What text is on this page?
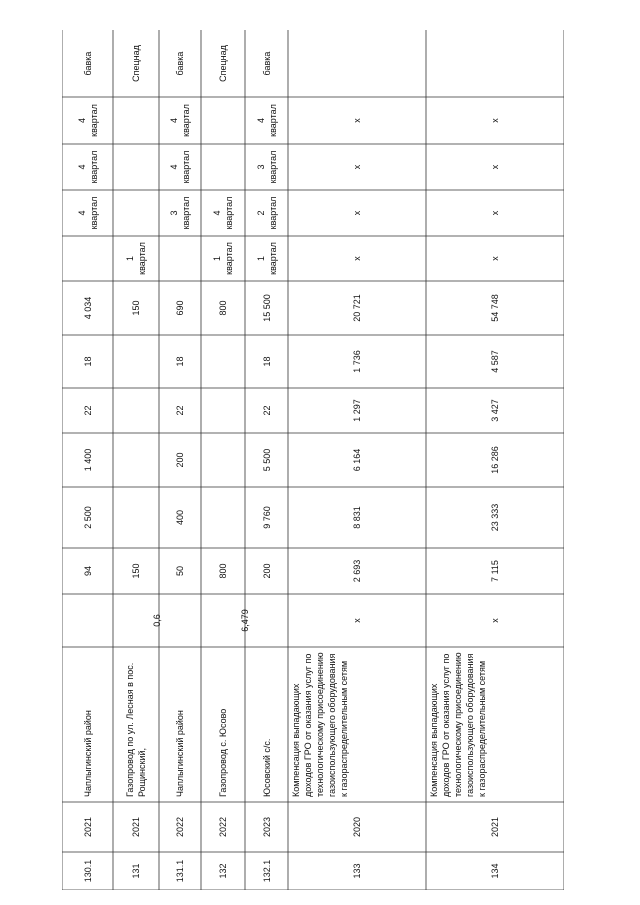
130.1
2021
Чаплыгинский район
94
2 500
1 400
22
18
4 034
4 квартал
4 квартал
4 квартал
бавка
131
2021
Газопровод по ул. Лесная в пос. Рощинский,
0,6
150
150
1 квартал
Спецнад
131.1
2022
Чаплыгинский район
50
400
200
22
18
690
3 квартал
4 квартал
4 квартал
бавка
132
2022
Газопровод с. Юсово
6,479
800
800
1 квартал
4 квартал
Спецнад
132.1
2023
Юсовский с/с.
200
9 760
5 500
22
18
15 500
1 квартал
2 квартал
3 квартал
4 квартал
бавка
133
2020
Компенсация выпадающих доходов ГРО от оказания услуг по технологическому присоединению газоиспользующего оборудования к газораспределительным сетям
х
2 693
8 831
6 164
1 297
1 736
20 721
х
х
х
х
134
2021
Компенсация выпадающих доходов ГРО от оказания услуг по технологическому присоединению газоиспользующего оборудования к газораспределительным сетям
х
7 115
23 333
16 286
3 427
4 587
54 748
х
х
х
х
